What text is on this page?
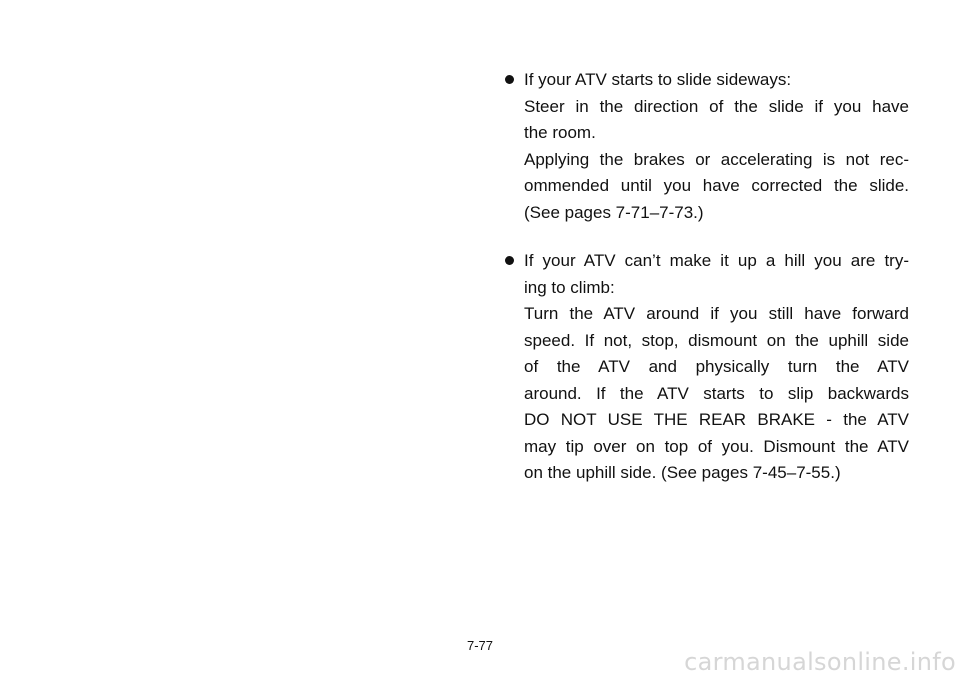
If your ATV starts to slide sideways:
Steer in the direction of the slide if you have
the room.
Applying the brakes or accelerating is not rec-
ommended until you have corrected the slide.
(See pages 7-71–7-73.)
If your ATV can’t make it up a hill you are try-
ing to climb:
Turn the ATV around if you still have forward
speed. If not, stop, dismount on the uphill side
of the ATV and physically turn the ATV
around. If the ATV starts to slip backwards
DO NOT USE THE REAR BRAKE - the ATV
may tip over on top of you. Dismount the ATV
on the uphill side. (See pages 7-45–7-55.)
7-77
carmanualsonline.info
